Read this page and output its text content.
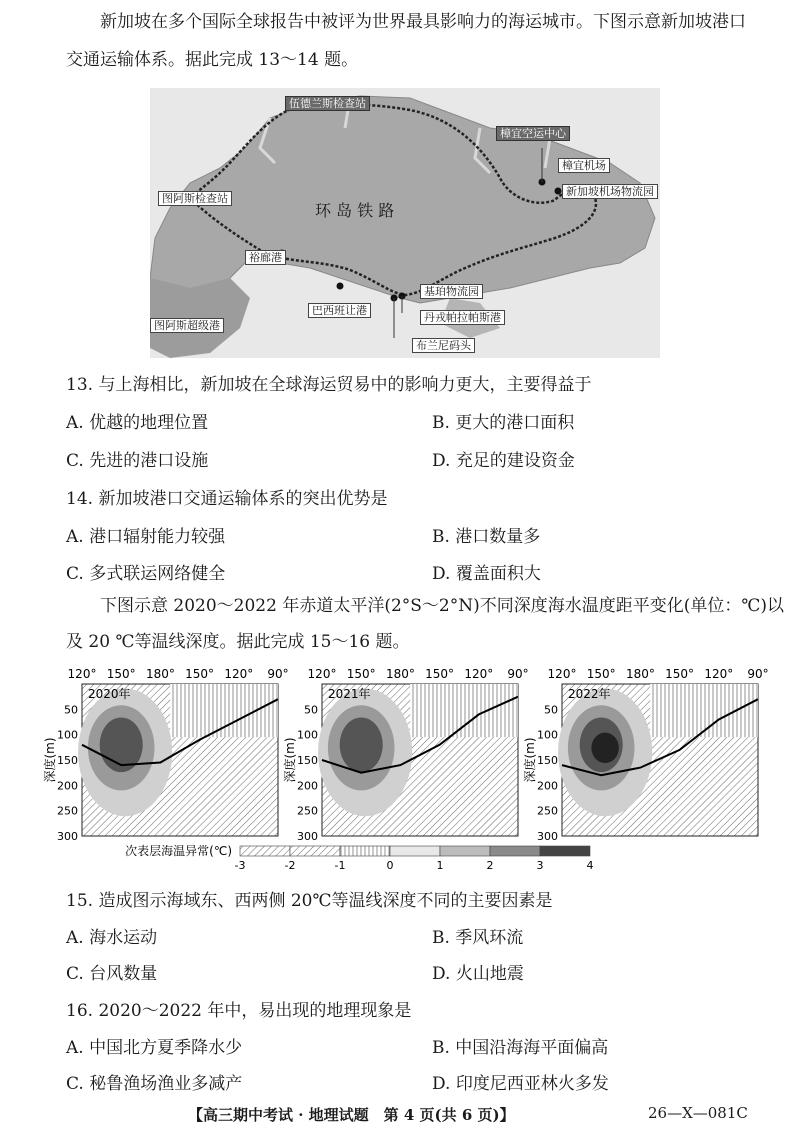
新加坡在多个国际全球报告中被评为世界最具影响力的海运城市。下图示意新加坡港口
交通运输体系。据此完成 13～14 题。
环 岛 铁 路
伍德兰斯检查站
图阿斯检查站
裕廊港
图阿斯超级港
巴西班让港
基珀物流园
丹戎帕拉帕斯港
布兰尼码头
樟宜空运中心
樟宜机场
新加坡机场物流园
13. 与上海相比，新加坡在全球海运贸易中的影响力更大，主要得益于
A. 优越的地理位置	B. 更大的港口面积
C. 先进的港口设施	D. 充足的建设资金
14. 新加坡港口交通运输体系的突出优势是
A. 港口辐射能力较强	B. 港口数量多
C. 多式联运网络健全	D. 覆盖面积大
下图示意 2020～2022 年赤道太平洋(2°S～2°N)不同深度海水温度距平变化(单位：℃)以
及 20 ℃等温线深度。据此完成 15～16 题。
120° 150° 180° 150° 120° 90°
50
100
150
200
250
300
2020年
深度(m)
120° 150° 180° 150° 120° 90°
50
100
150
200
250
300
2021年
深度(m)
120° 150° 180° 150° 120° 90°
50
100
150
200
250
300
2022年
深度(m)
-3	-2	-1	0	1	2	3	4
次表层海温异常(℃)
15. 造成图示海域东、西两侧 20℃等温线深度不同的主要因素是
A. 海水运动	B. 季风环流
C. 台风数量	D. 火山地震
16. 2020～2022 年中，易出现的地理现象是
A. 中国北方夏季降水少	B. 中国沿海海平面偏高
C. 秘鲁渔场渔业多减产	D. 印度尼西亚林火多发
【高三期中考试 · 地理试题　第 4 页(共 6 页)】	26—X—081C
